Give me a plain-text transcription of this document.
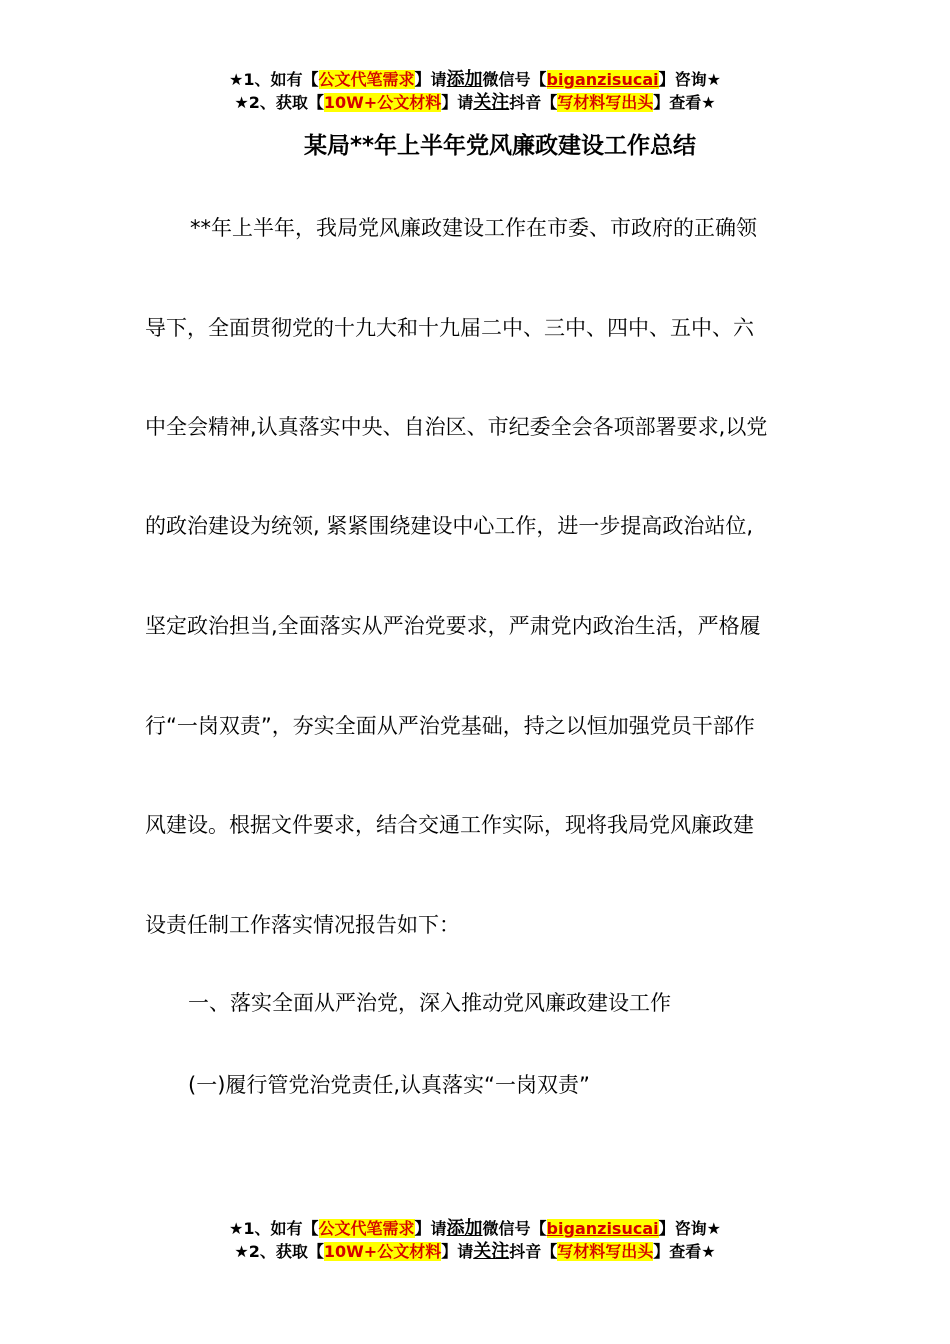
★1、如有【公文代笔需求】请添加微信号【biganzisucai】咨询★
★2、获取【10W+公文材料】请关注抖音【写材料写出头】查看★
某局**年上半年党风廉政建设工作总结
**年上半年，我局党风廉政建设工作在市委、市政府的正确领
导下，全面贯彻党的十九大和十九届二中、三中、四中、五中、六
中全会精神,认真落实中央、自治区、市纪委全会各项部署要求,以党
的政治建设为统领, 紧紧围绕建设中心工作，进一步提高政治站位,
坚定政治担当,全面落实从严治党要求，严肃党内政治生活，严格履
行“一岗双责”，夯实全面从严治党基础，持之以恒加强党员干部作
风建设。根据文件要求，结合交通工作实际，现将我局党风廉政建
设责任制工作落实情况报告如下：
一、落实全面从严治党，深入推动党风廉政建设工作
(一)履行管党治党责任,认真落实“一岗双责”
★1、如有【公文代笔需求】请添加微信号【biganzisucai】咨询★
★2、获取【10W+公文材料】请关注抖音【写材料写出头】查看★
